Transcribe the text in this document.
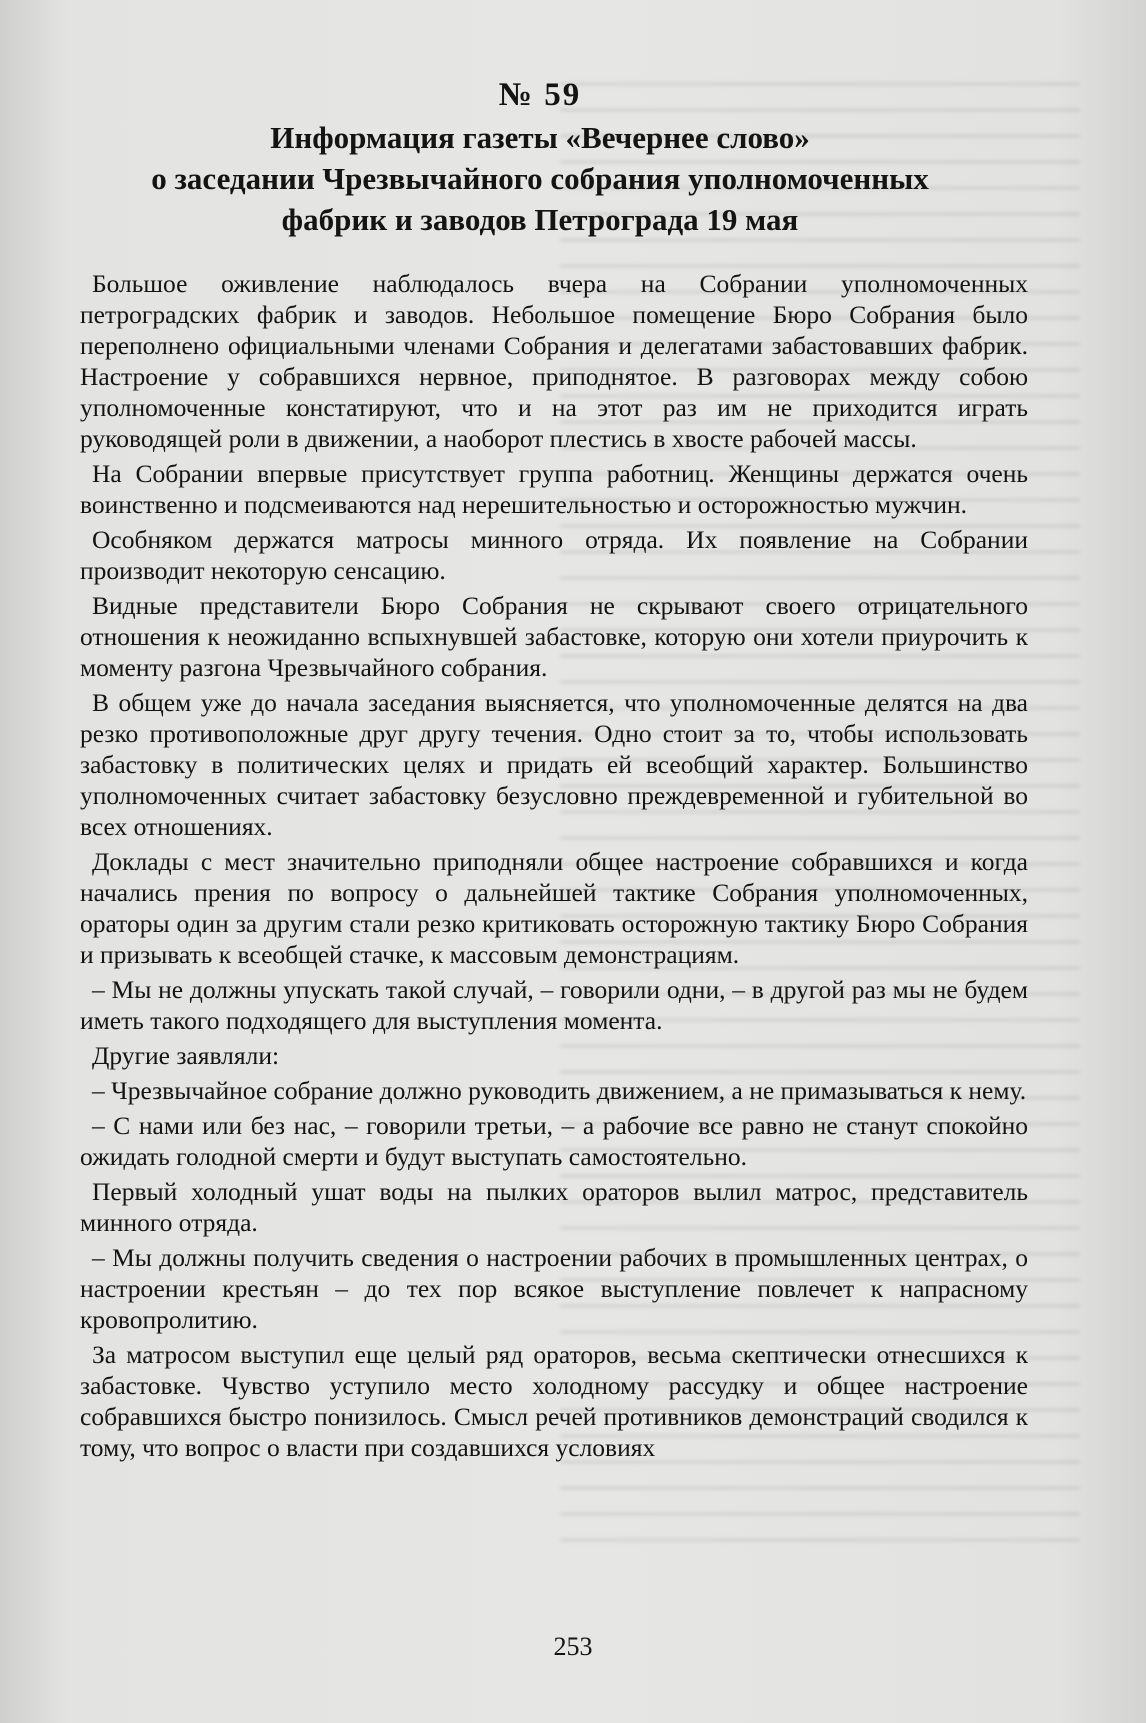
№ 59
Информация газеты «Вечернее слово»
о заседании Чрезвычайного собрания уполномоченных
фабрик и заводов Петрограда 19 мая

Большое оживление наблюдалось вчера на Собрании уполномоченных петроградских фабрик и заводов. Небольшое помещение Бюро Собрания было переполнено официальными членами Собрания и делегатами забастовавших фабрик. Настроение у собравшихся нервное, приподнятое. В разговорах между собою уполномоченные констатируют, что и на этот раз им не приходится играть руководящей роли в движении, а наоборот плестись в хвосте рабочей массы.

На Собрании впервые присутствует группа работниц. Женщины держатся очень воинственно и подсмеиваются над нерешительностью и осторожностью мужчин.

Особняком держатся матросы минного отряда. Их появление на Собрании производит некоторую сенсацию.

Видные представители Бюро Собрания не скрывают своего отрицательного отношения к неожиданно вспыхнувшей забастовке, которую они хотели приурочить к моменту разгона Чрезвычайного собрания.

В общем уже до начала заседания выясняется, что уполномоченные делятся на два резко противоположные друг другу течения. Одно стоит за то, чтобы использовать забастовку в политических целях и придать ей всеобщий характер. Большинство уполномоченных считает забастовку безусловно преждевременной и губительной во всех отношениях.

Доклады с мест значительно приподняли общее настроение собравшихся и когда начались прения по вопросу о дальнейшей тактике Собрания уполномоченных, ораторы один за другим стали резко критиковать осторожную тактику Бюро Собрания и призывать к всеобщей стачке, к массовым демонстрациям.

– Мы не должны упускать такой случай, – говорили одни, – в другой раз мы не будем иметь такого подходящего для выступления момента.

Другие заявляли:

– Чрезвычайное собрание должно руководить движением, а не примазываться к нему.

– С нами или без нас, – говорили третьи, – а рабочие все равно не станут спокойно ожидать голодной смерти и будут выступать самостоятельно.

Первый холодный ушат воды на пылких ораторов вылил матрос, представитель минного отряда.

– Мы должны получить сведения о настроении рабочих в промышленных центрах, о настроении крестьян – до тех пор всякое выступление повлечет к напрасному кровопролитию.

За матросом выступил еще целый ряд ораторов, весьма скептически отнесшихся к забастовке. Чувство уступило место холодному рассудку и общее настроение собравшихся быстро понизилось. Смысл речей противников демонстраций сводился к тому, что вопрос о власти при создавшихся условиях

253
